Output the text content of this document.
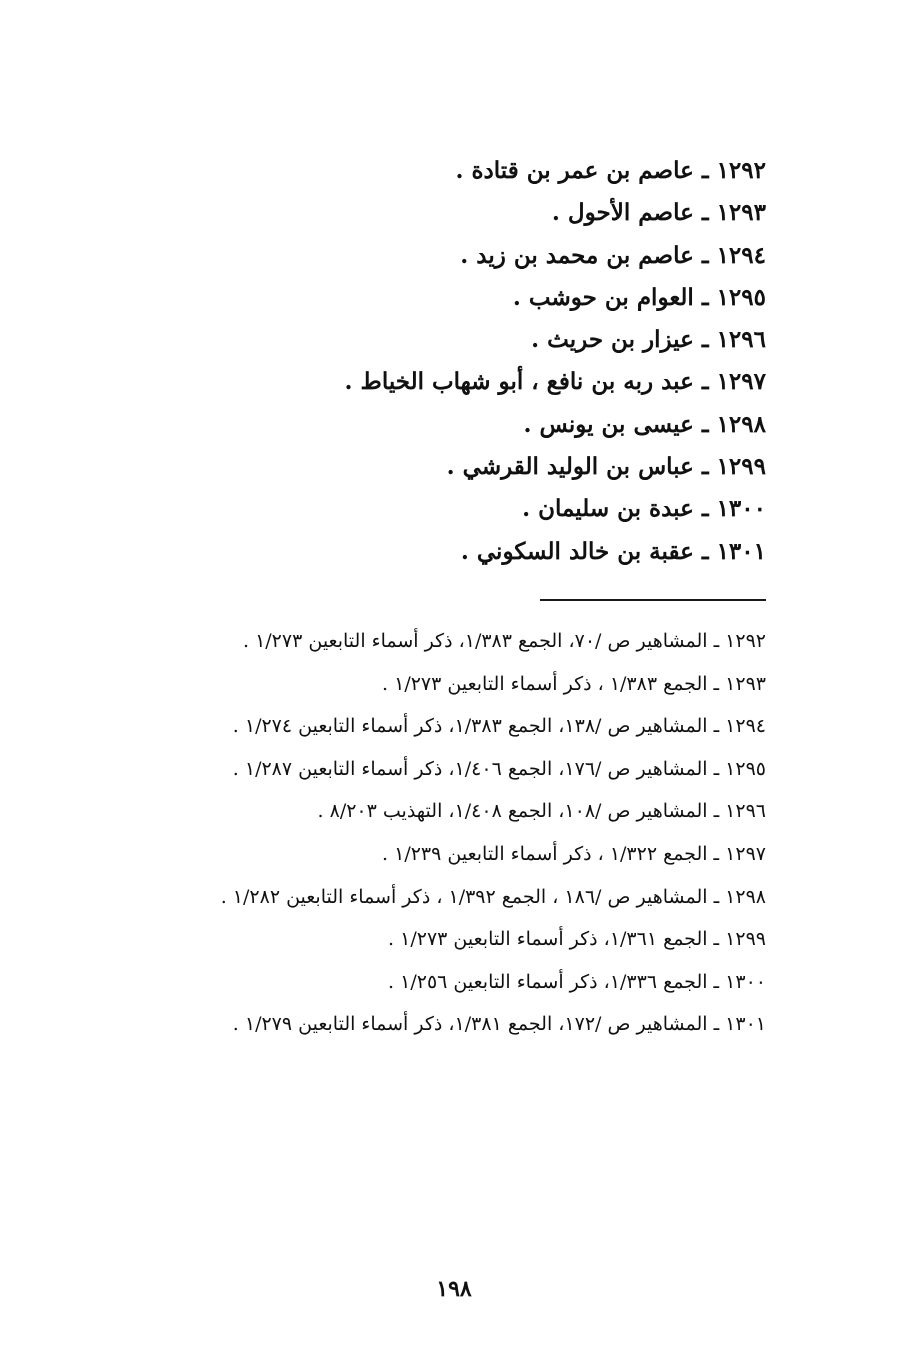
١٢٩٢ ـ عاصم بن عمر بن قتادة .
١٢٩٣ ـ عاصم الأحول .
١٢٩٤ ـ عاصم بن محمد بن زيد .
١٢٩٥ ـ العوام بن حوشب .
١٢٩٦ ـ عيزار بن حريث .
١٢٩٧ ـ عبد ربه بن نافع ، أبو شهاب الخياط .
١٢٩٨ ـ عيسى بن يونس .
١٢٩٩ ـ عباس بن الوليد القرشي .
١٣٠٠ ـ عبدة بن سليمان .
١٣٠١ ـ عقبة بن خالد السكوني .
١٢٩٢ ـ المشاهير ص /٧٠، الجمع ١/٣٨٣، ذكر أسماء التابعين ١/٢٧٣ .
١٢٩٣ ـ الجمع ١/٣٨٣ ، ذكر أسماء التابعين ١/٢٧٣ .
١٢٩٤ ـ المشاهير ص /١٣٨، الجمع ١/٣٨٣، ذكر أسماء التابعين ١/٢٧٤ .
١٢٩٥ ـ المشاهير ص /١٧٦، الجمع ١/٤٠٦، ذكر أسماء التابعين ١/٢٨٧ .
١٢٩٦ ـ المشاهير ص /١٠٨، الجمع ١/٤٠٨، التهذيب ٨/٢٠٣ .
١٢٩٧ ـ الجمع ١/٣٢٢ ، ذكر أسماء التابعين ١/٢٣٩ .
١٢٩٨ ـ المشاهير ص /١٨٦ ، الجمع ١/٣٩٢ ، ذكر أسماء التابعين ١/٢٨٢ .
١٢٩٩ ـ الجمع ١/٣٦١، ذكر أسماء التابعين ١/٢٧٣ .
١٣٠٠ ـ الجمع ١/٣٣٦، ذكر أسماء التابعين ١/٢٥٦ .
١٣٠١ ـ المشاهير ص /١٧٢، الجمع ١/٣٨١، ذكر أسماء التابعين ١/٢٧٩ .
١٩٨
